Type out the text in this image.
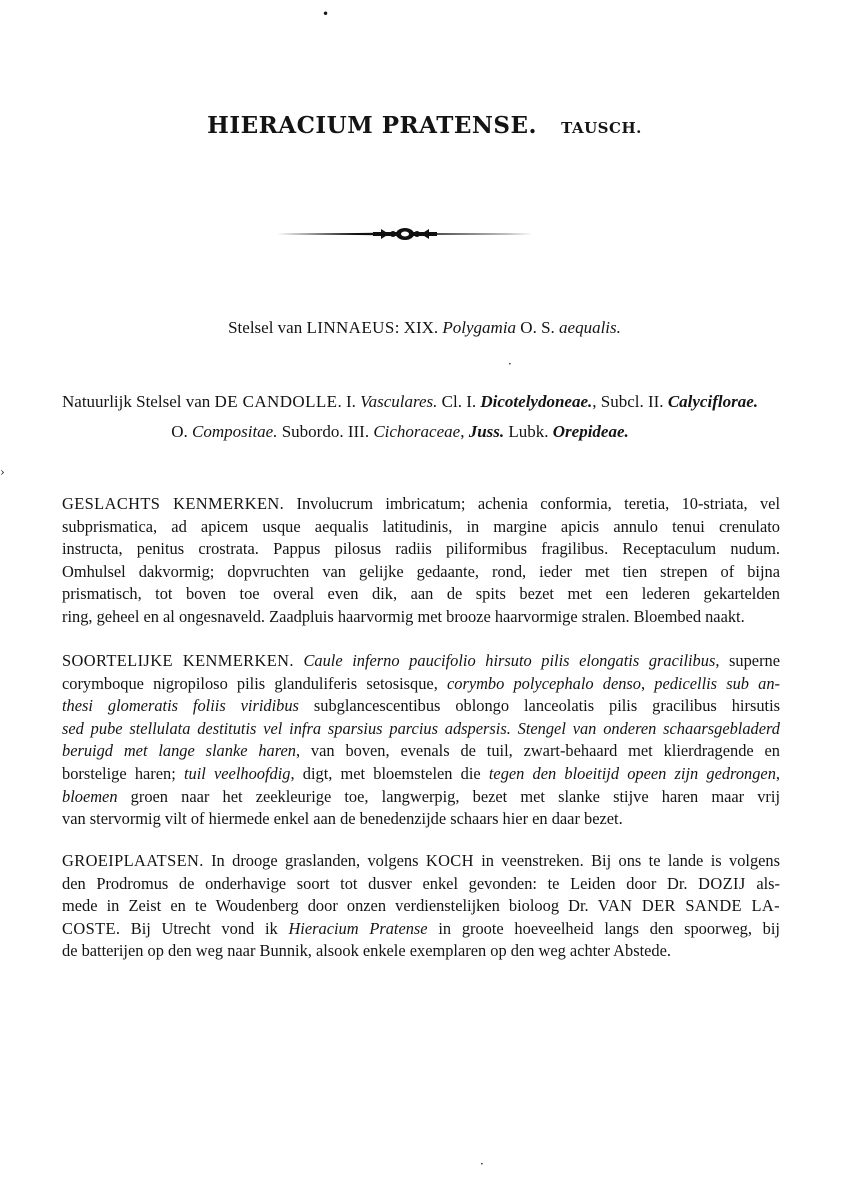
•
HIERACIUM PRATENSE. TAUSCH.
Stelsel van LINNAEUS: XIX. Polygamia O. S. aequalis.
·
›
Natuurlijk Stelsel van DE CANDOLLE. I. Vasculares. Cl. I. Dicotelydoneae., Subcl. II. Calyciflorae.
O. Compositae. Subordo. III. Cichoraceae, Juss. Lubk. Orepideae.
GESLACHTS KENMERKEN. Involucrum imbricatum; achenia conformia, teretia, 10-striata, vel
subprismatica, ad apicem usque aequalis latitudinis, in margine apicis annulo tenui crenulato
instructa, penitus crostrata. Pappus pilosus radiis piliformibus fragilibus. Receptaculum nudum.
Omhulsel dakvormig; dopvruchten van gelijke gedaante, rond, ieder met tien strepen of bijna
prismatisch, tot boven toe overal even dik, aan de spits bezet met een lederen gekartelden
ring, geheel en al ongesnaveld. Zaadpluis haarvormig met brooze haarvormige stralen. Bloembed naakt.
SOORTELIJKE KENMERKEN. Caule inferno paucifolio hirsuto pilis elongatis gracilibus, superne
corymboque nigropiloso pilis glanduliferis setosisque, corymbo polycephalo denso, pedicellis sub an-
thesi glomeratis foliis viridibus subglancescentibus oblongo lanceolatis pilis gracilibus hirsutis
sed pube stellulata destitutis vel infra sparsius parcius adspersis. Stengel van onderen schaarsgebladerd
beruigd met lange slanke haren, van boven, evenals de tuil, zwart-behaard met klierdragende en
borstelige haren; tuil veelhoofdig, digt, met bloemstelen die tegen den bloeitijd opeen zijn gedrongen,
bloemen groen naar het zeekleurige toe, langwerpig, bezet met slanke stijve haren maar vrij
van stervormig vilt of hiermede enkel aan de benedenzijde schaars hier en daar bezet.
GROEIPLAATSEN. In drooge graslanden, volgens KOCH in veenstreken. Bij ons te lande is volgens
den Prodromus de onderhavige soort tot dusver enkel gevonden: te Leiden door Dr. DOZIJ als-
mede in Zeist en te Woudenberg door onzen verdienstelijken bioloog Dr. VAN DER SANDE LA-
COSTE. Bij Utrecht vond ik Hieracium Pratense in groote hoeveelheid langs den spoorweg, bij
de batterijen op den weg naar Bunnik, alsook enkele exemplaren op den weg achter Abstede.
·
